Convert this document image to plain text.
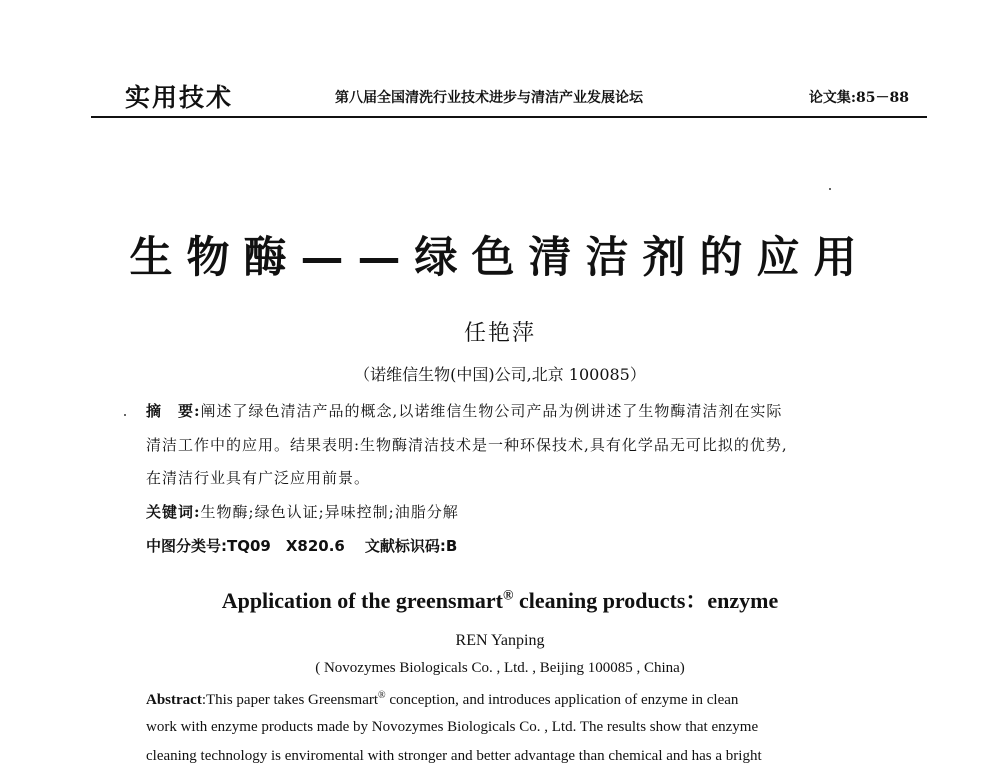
实用技术	第八届全国清洗行业技术进步与清洁产业发展论坛	论文集:85－88
生物酶——绿色清洁剂的应用
任艳萍
（诺维信生物(中国)公司,北京 100085）
摘　要:阐述了绿色清洁产品的概念,以诺维信生物公司产品为例讲述了生物酶清洁剂在实际
清洁工作中的应用。结果表明:生物酶清洁技术是一种环保技术,具有化学品无可比拟的优势,
在清洁行业具有广泛应用前景。
关键词:生物酶;绿色认证;异味控制;油脂分解
中图分类号:TQ09　X820.6 文献标识码:B
Application of the greensmart® cleaning products：enzyme
REN Yanping
( Novozymes Biologicals Co. , Ltd. , Beijing 100085 , China)
Abstract:This paper takes Greensmart® conception, and introduces application of enzyme in clean
work with enzyme products made by Novozymes Biologicals Co. , Ltd. The results show that enzyme
cleaning technology is enviromental with stronger and better advantage than chemical and has a bright
